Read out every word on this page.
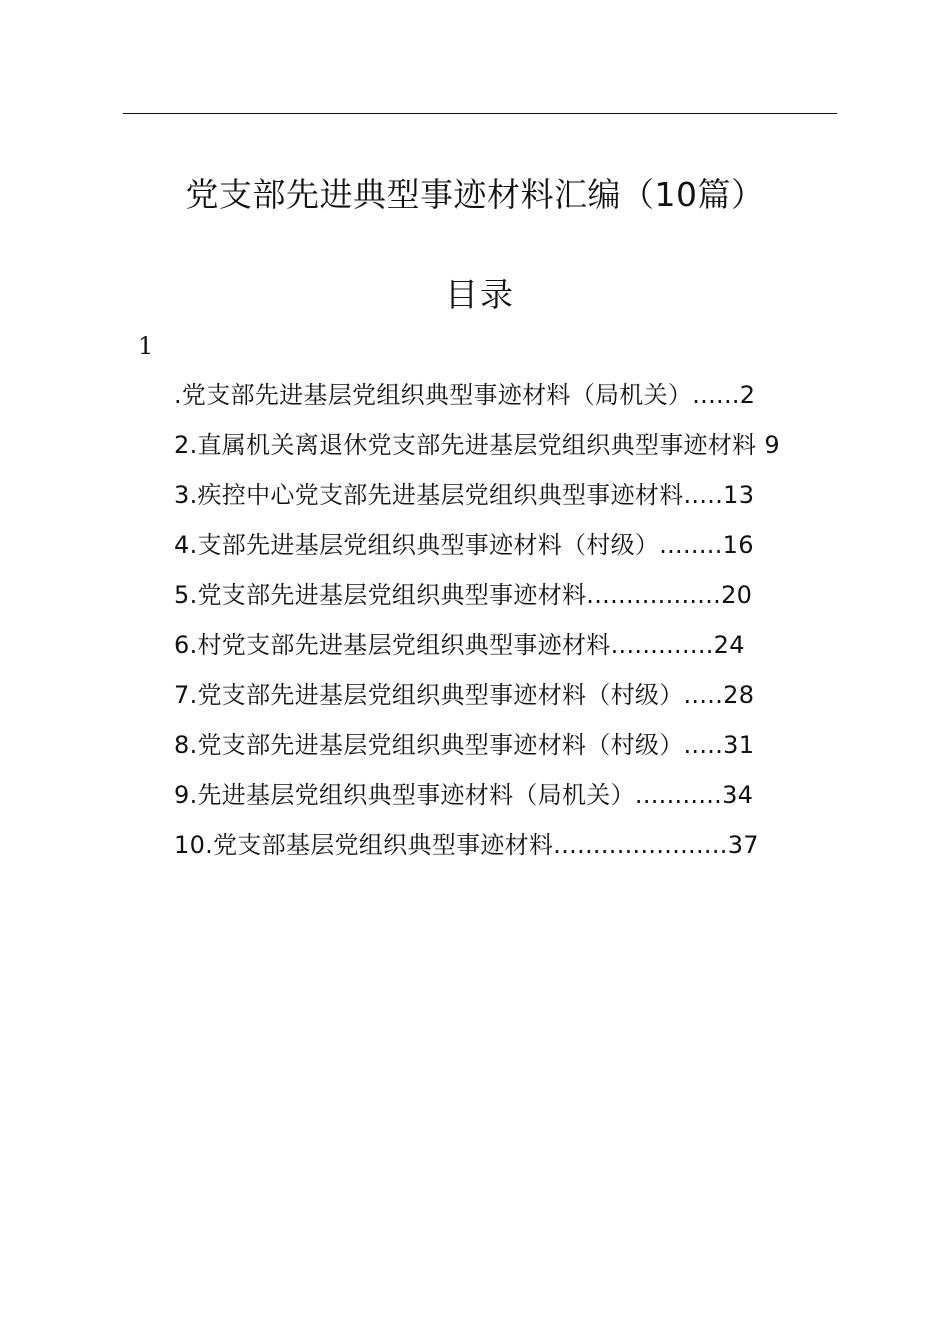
党支部先进典型事迹材料汇编（10篇）
目录
1
.党支部先进基层党组织典型事迹材料（局机关）......2
2.直属机关离退休党支部先进基层党组织典型事迹材料 9
3.疾控中心党支部先进基层党组织典型事迹材料.....13
4.支部先进基层党组织典型事迹材料（村级）........16
5.党支部先进基层党组织典型事迹材料.................20
6.村党支部先进基层党组织典型事迹材料.............24
7.党支部先进基层党组织典型事迹材料（村级）.....28
8.党支部先进基层党组织典型事迹材料（村级）.....31
9.先进基层党组织典型事迹材料（局机关）...........34
10.党支部基层党组织典型事迹材料......................37
